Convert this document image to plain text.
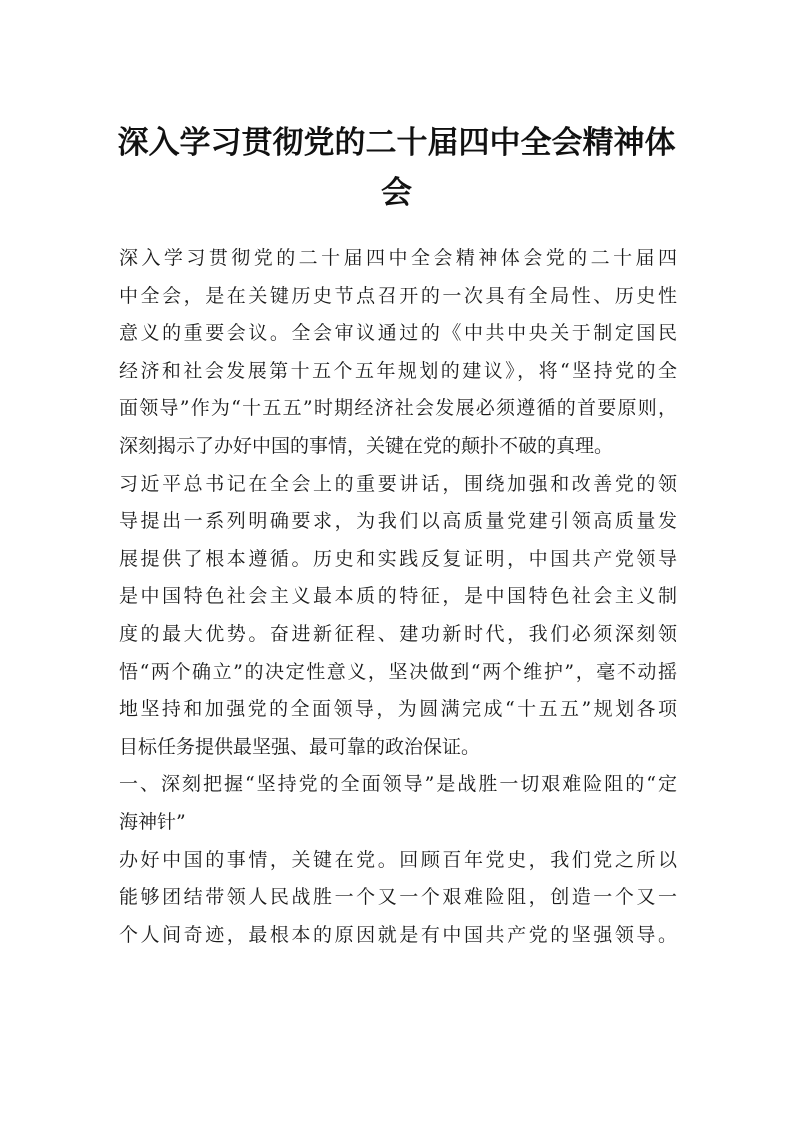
深入学习贯彻党的二十届四中全会精神体
会
深入学习贯彻党的二十届四中全会精神体会党的二十届四
中全会，是在关键历史节点召开的一次具有全局性、历史性
意义的重要会议。全会审议通过的《中共中央关于制定国民
经济和社会发展第十五个五年规划的建议》，将“坚持党的全
面领导”作为“十五五”时期经济社会发展必须遵循的首要原则，
深刻揭示了办好中国的事情，关键在党的颠扑不破的真理。
习近平总书记在全会上的重要讲话，围绕加强和改善党的领
导提出一系列明确要求，为我们以高质量党建引领高质量发
展提供了根本遵循。历史和实践反复证明，中国共产党领导
是中国特色社会主义最本质的特征，是中国特色社会主义制
度的最大优势。奋进新征程、建功新时代，我们必须深刻领
悟“两个确立”的决定性意义，坚决做到“两个维护”，毫不动摇
地坚持和加强党的全面领导，为圆满完成“十五五”规划各项
目标任务提供最坚强、最可靠的政治保证。
一、深刻把握“坚持党的全面领导”是战胜一切艰难险阻的“定
海神针”
办好中国的事情，关键在党。回顾百年党史，我们党之所以
能够团结带领人民战胜一个又一个艰难险阻，创造一个又一
个人间奇迹，最根本的原因就是有中国共产党的坚强领导。
